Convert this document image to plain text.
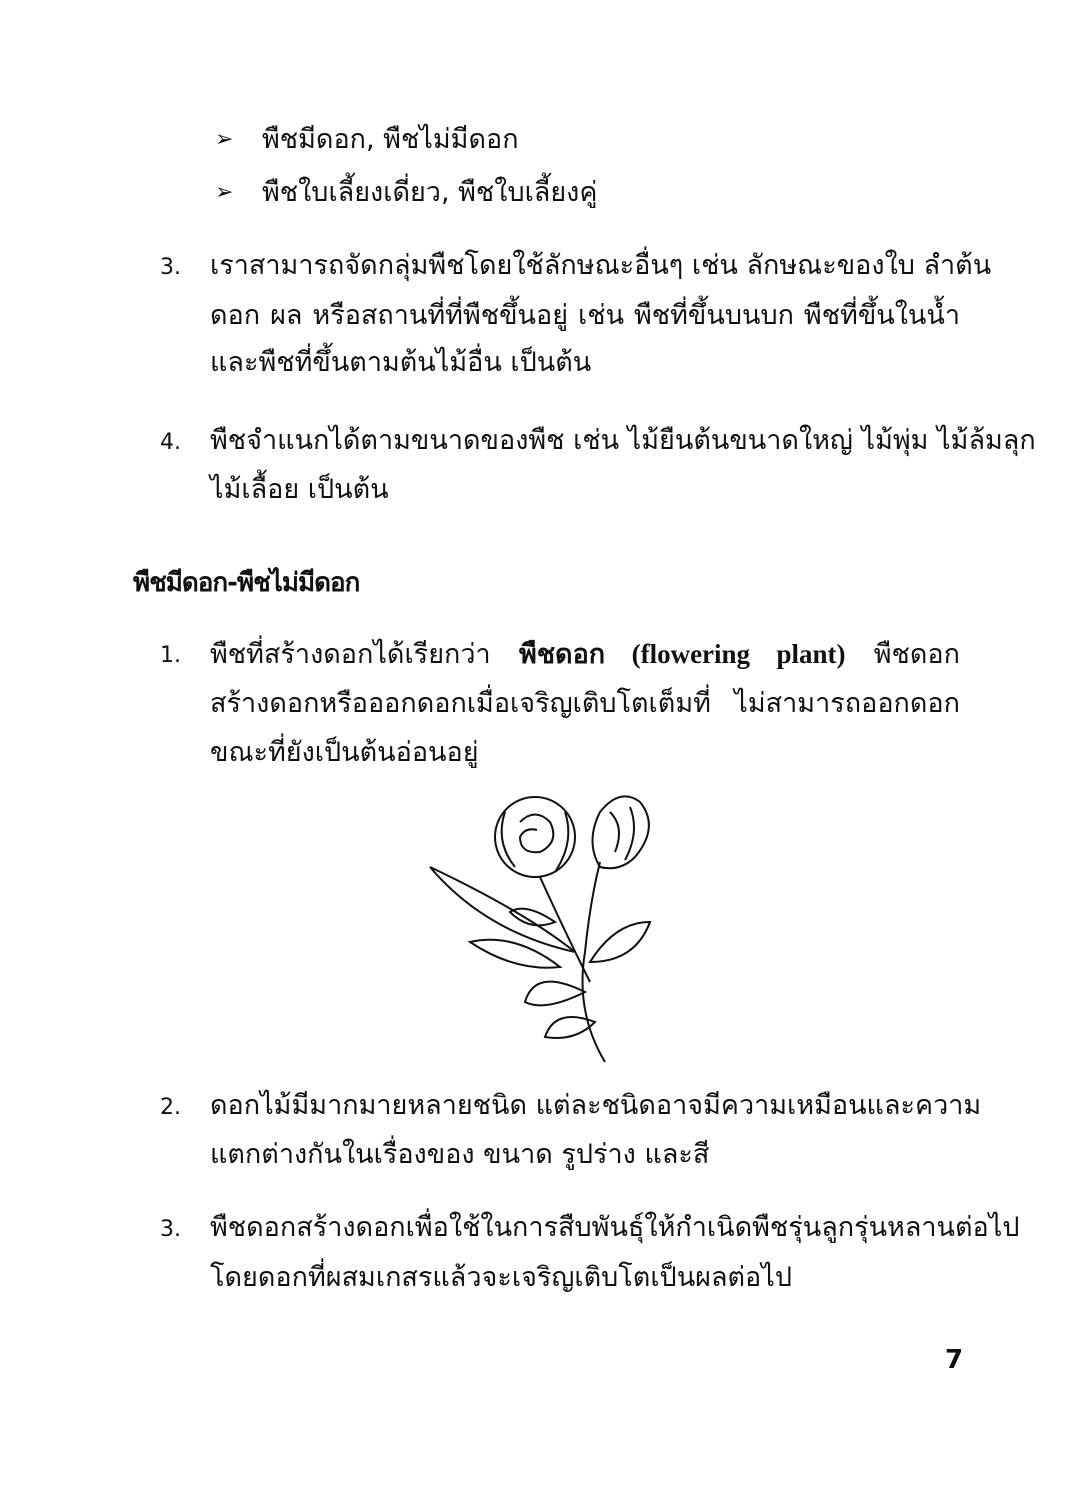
➢ พืชมีดอก, พืชไม่มีดอก
➢ พืชใบเลี้ยงเดี่ยว, พืชใบเลี้ยงคู่
3. เราสามารถจัดกลุ่มพืชโดยใช้ลักษณะอื่นๆ เช่น ลักษณะของใบ ลำต้น
ดอก ผล หรือสถานที่ที่พืชขึ้นอยู่ เช่น พืชที่ขึ้นบนบก พืชที่ขึ้นในน้ำ
และพืชที่ขึ้นตามต้นไม้อื่น เป็นต้น
4. พืชจำแนกได้ตามขนาดของพืช เช่น ไม้ยืนต้นขนาดใหญ่ ไม้พุ่ม ไม้ล้มลุก
ไม้เลื้อย เป็นต้น
พืชมีดอก-พืชไม่มีดอก
1. พืชที่สร้างดอกได้เรียกว่า พืชดอก (flowering plant) พืชดอก
สร้างดอกหรือออกดอกเมื่อเจริญเติบโตเต็มที่ ไม่สามารถออกดอก
ขณะที่ยังเป็นต้นอ่อนอยู่
2. ดอกไม้มีมากมายหลายชนิด แต่ละชนิดอาจมีความเหมือนและความ
แตกต่างกันในเรื่องของ ขนาด รูปร่าง และสี
3. พืชดอกสร้างดอกเพื่อใช้ในการสืบพันธุ์ให้กำเนิดพืชรุ่นลูกรุ่นหลานต่อไป
โดยดอกที่ผสมเกสรแล้วจะเจริญเติบโตเป็นผลต่อไป
7
